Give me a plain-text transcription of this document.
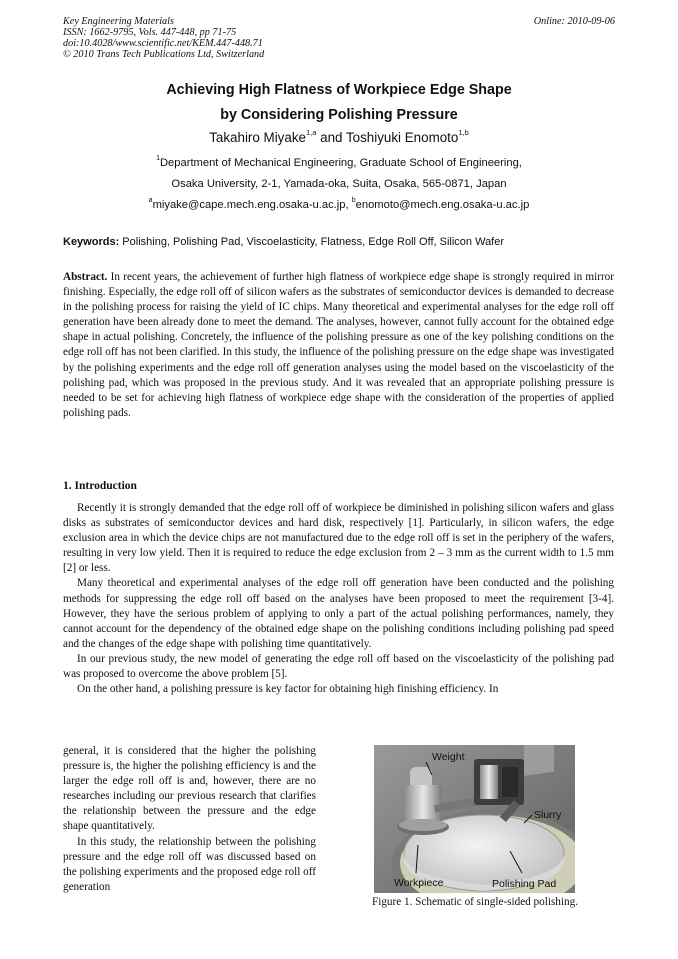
Key Engineering Materials
ISSN: 1662-9795, Vols. 447-448, pp 71-75
doi:10.4028/www.scientific.net/KEM.447-448.71
© 2010 Trans Tech Publications Ltd, Switzerland
Online: 2010-09-06
Achieving High Flatness of Workpiece Edge Shape
by Considering Polishing Pressure
Takahiro Miyake$^{1,a}$ and Toshiyuki Enomoto$^{1,b}$
$^1$Department of Mechanical Engineering, Graduate School of Engineering,
Osaka University, 2-1, Yamada-oka, Suita, Osaka, 565-0871, Japan
$^a$miyake@cape.mech.eng.osaka-u.ac.jp, $^b$enomoto@mech.eng.osaka-u.ac.jp
Keywords: Polishing, Polishing Pad, Viscoelasticity, Flatness, Edge Roll Off, Silicon Wafer

Abstract. In recent years, the achievement of further high flatness of workpiece edge shape is strongly required in mirror finishing. Especially, the edge roll off of silicon wafers as the substrates of semiconductor devices is demanded to decrease in the polishing process for raising the yield of IC chips. Many theoretical and experimental analyses for the edge roll off generation have been already done to meet the demand. The analyses, however, cannot fully account for the obtained edge shape in actual polishing. Concretely, the influence of the polishing pressure as one of the key polishing conditions on the edge roll off has not been clarified. In this study, the influence of the polishing pressure on the edge shape was investigated by the polishing experiments and the edge roll off generation analyses using the model based on the viscoelasticity of the polishing pad, which was proposed in the previous study. And it was revealed that an appropriate polishing pressure is needed to be set for achieving high flatness of workpiece edge shape with the consideration of the properties of applied polishing pads.

1. Introduction

Recently it is strongly demanded that the edge roll off of workpiece be diminished in polishing silicon wafers and glass disks as substrates of semiconductor devices and hard disk, respectively [1]. Particularly, in silicon wafers, the edge exclusion area in which the device chips are not manufactured due to the edge roll off is set in the periphery of the wafers, resulting in very low yield. Then it is required to reduce the edge exclusion from 2 – 3 mm as the current width to 1.5 mm [2] or less.

Many theoretical and experimental analyses of the edge roll off generation have been conducted and the polishing methods for suppressing the edge roll off based on the analyses have been proposed to meet the requirement [3-4]. However, they have the serious problem of applying to only a part of the actual polishing performances, namely, they cannot account for the dependency of the obtained edge shape on the polishing conditions including polishing pad speed and the changes of the edge shape with polishing time quantitatively.

In our previous study, the new model of generating the edge roll off based on the viscoelasticity of the polishing pad was proposed to overcome the above problem [5].

On the other hand, a polishing pressure is key factor for obtaining high finishing efficiency. In

general, it is considered that the higher the polishing pressure is, the higher the polishing efficiency is and the larger the edge roll off is and, however, there are no researches including our previous research that clarifies the relationship between the pressure and the edge shape quantitatively.

In this study, the relationship between the polishing pressure and the edge roll off was discussed based on the polishing experiments and the proposed edge roll off generation

Weight
Slurry
Workpiece	Polishing Pad
Figure 1. Schematic of single-sided polishing.
